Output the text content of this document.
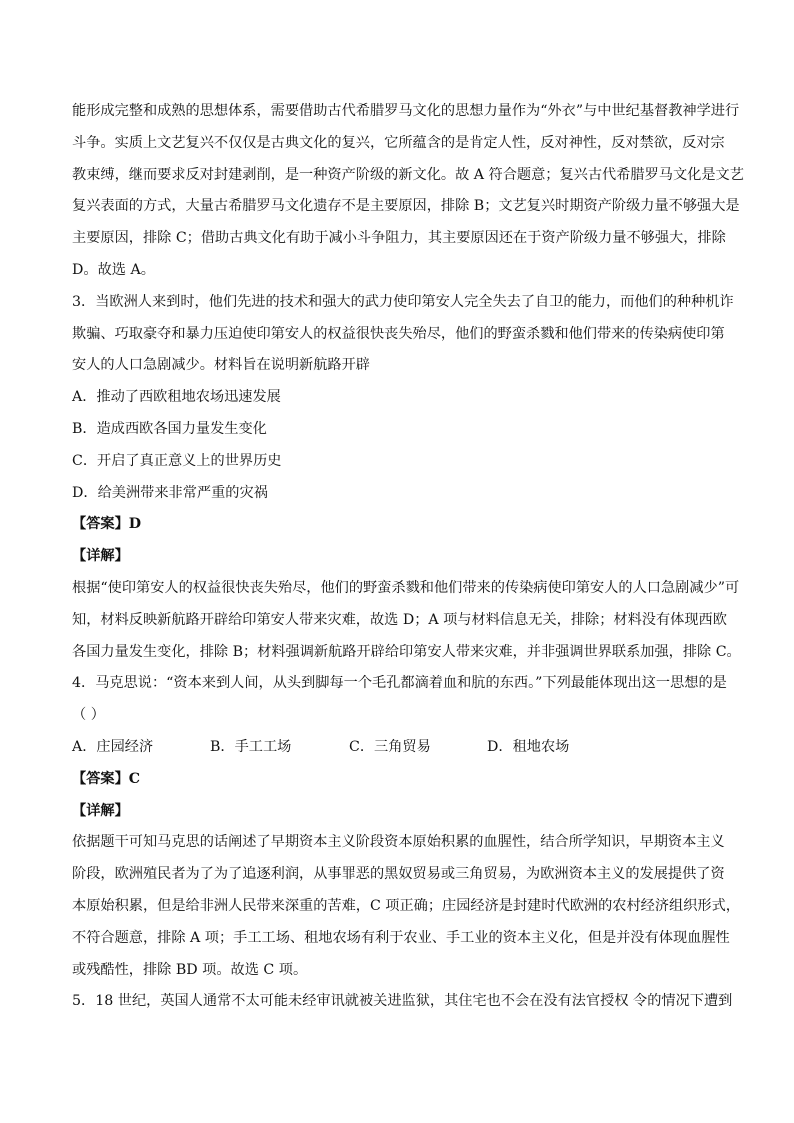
能形成完整和成熟的思想体系，需要借助古代希腊罗马文化的思想力量作为“外衣”与中世纪基督教神学进行
斗争。实质上文艺复兴不仅仅是古典文化的复兴，它所蕴含的是肯定人性，反对神性，反对禁欲，反对宗
教束缚，继而要求反对封建剥削，是一种资产阶级的新文化。故 A 符合题意；复兴古代希腊罗马文化是文艺
复兴表面的方式，大量古希腊罗马文化遗存不是主要原因，排除 B；文艺复兴时期资产阶级力量不够强大是
主要原因，排除 C；借助古典文化有助于减小斗争阻力，其主要原因还在于资产阶级力量不够强大，排除
D。故选 A。
3．当欧洲人来到时，他们先进的技术和强大的武力使印第安人完全失去了自卫的能力，而他们的种种机诈
欺骗、巧取豪夺和暴力压迫使印第安人的权益很快丧失殆尽，他们的野蛮杀戮和他们带来的传染病使印第
安人的人口急剧减少。材料旨在说明新航路开辟
A．推动了西欧租地农场迅速发展
B．造成西欧各国力量发生变化
C．开启了真正意义上的世界历史
D．给美洲带来非常严重的灾祸
【答案】D
【详解】
根据“使印第安人的权益很快丧失殆尽，他们的野蛮杀戮和他们带来的传染病使印第安人的人口急剧减少”可
知，材料反映新航路开辟给印第安人带来灾难，故选 D；A 项与材料信息无关，排除；材料没有体现西欧
各国力量发生变化，排除 B；材料强调新航路开辟给印第安人带来灾难，并非强调世界联系加强，排除 C。
4．马克思说：“资本来到人间，从头到脚每一个毛孔都滴着血和肮的东西。”下列最能体现出这一思想的是
（ ）
A．庄园经济	B．手工工场	C．三角贸易	D．租地农场
【答案】C
【详解】
依据题干可知马克思的话阐述了早期资本主义阶段资本原始积累的血腥性，结合所学知识，早期资本主义
阶段，欧洲殖民者为了为了追逐利润，从事罪恶的黑奴贸易或三角贸易，为欧洲资本主义的发展提供了资
本原始积累，但是给非洲人民带来深重的苦难，C 项正确；庄园经济是封建时代欧洲的农村经济组织形式，
不符合题意，排除 A 项；手工工场、租地农场有利于农业、手工业的资本主义化，但是并没有体现血腥性
或残酷性，排除 BD 项。故选 C 项。
5．18 世纪，英国人通常不太可能未经审讯就被关进监狱，其住宅也不会在没有法官授权 令的情况下遭到
